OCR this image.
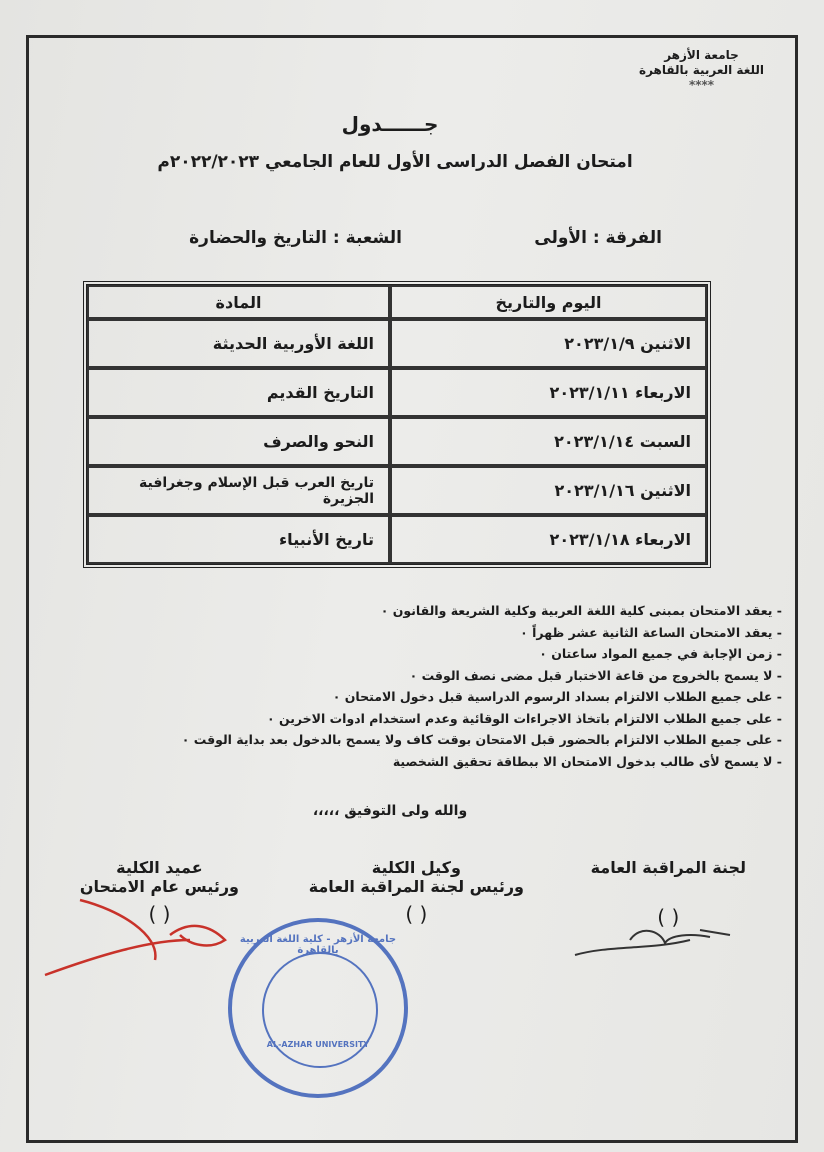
جامعة الأزهر
اللغة العربية بالقاهرة
****
جــــــدول
امتحان الفصل الدراسى الأول للعام الجامعي ٢٠٢٢/٢٠٢٣م
الفرقة : الأولى
الشعبة : التاريخ والحضارة
اليوم والتاريخ	المادة
الاثنين ٢٠٢٣/١/٩	اللغة الأوربية الحديثة
الاربعاء ٢٠٢٣/١/١١	التاريخ القديم
السبت ٢٠٢٣/١/١٤	النحو والصرف
الاثنين ٢٠٢٣/١/١٦	تاريخ العرب قبل الإسلام وجغرافية الجزيرة
الاربعاء ٢٠٢٣/١/١٨	تاريخ الأنبياء
- يعقد الامتحان بمبنى كلية اللغة العربية وكلية الشريعة والقانون ٠
- يعقد الامتحان الساعة الثانية عشر ظهراً ٠
- زمن الإجابة في جميع المواد ساعتان ٠
- لا يسمح بالخروج من قاعة الاختبار قبل مضى نصف الوقت ٠
- على جميع الطلاب الالتزام بسداد الرسوم الدراسية قبل دخول الامتحان ٠
- على جميع الطلاب الالتزام باتخاذ الاجراءات الوقائية وعدم استخدام ادوات الاخرين ٠
- على جميع الطلاب الالتزام بالحضور قبل الامتحان بوقت كاف ولا يسمح بالدخول بعد بداية الوقت ٠
- لا يسمح لأى طالب بدخول الامتحان الا ببطاقة تحقيق الشخصية
والله ولى التوفيق ،،،،،
لجنة المراقبة العامة
( )
وكيل الكلية
ورئيس لجنة المراقبة العامة
( )
عميد الكلية
ورئيس عام الامتحان
( )
جامعة الأزهر - كلية اللغة العربية بالقاهرة
AL-AZHAR UNIVERSITY
